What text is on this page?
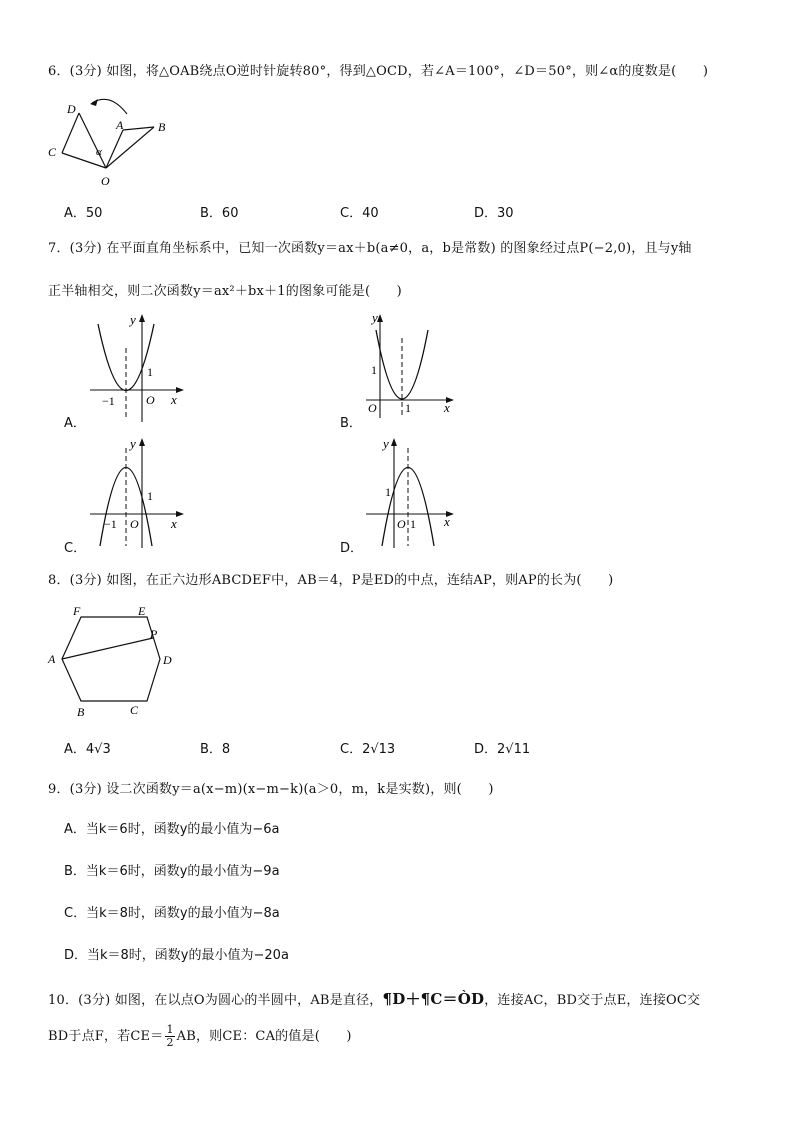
6．(3分) 如图，将△OAB绕点O逆时针旋转80°，得到△OCD，若∠A＝100°，∠D＝50°，则∠α的度数是(　　)
D
A	B
C	α
O
A．50	B．60	C．40	D．30
7．(3分) 在平面直角坐标系中，已知一次函数y＝ax＋b(a≠0，a，b是常数) 的图象经过点P(−2,0)，且与y轴
正半轴相交，则二次函数y＝ax²＋bx＋1的图象可能是(　　)
x
y
O
1
−1
A．
x
y
O
1
1
B．
x
y
O
1
−1
C．
x
y
O
1
1
D．
8．(3分) 如图，在正六边形ABCDEF中，AB＝4，P是ED的中点，连结AP，则AP的长为(　　)
F	E
P
A	D
B	C
A．4√3	B．8	C．2√13	D．2√11
9．(3分) 设二次函数y＝a(x−m)(x−m−k)(a＞0，m，k是实数)，则(　　)
A．当k＝6时，函数y的最小值为−6a
B．当k＝6时，函数y的最小值为−9a
C．当k＝8时，函数y的最小值为−8a
D．当k＝8时，函数y的最小值为−20a
10．(3分) 如图，在以点O为圆心的半圆中，AB是直径，¶D＋¶C＝ÒD，连接AC，BD交于点E，连接OC交
BD于点F，若$CE= \frac{1}{2}$ AB，则CE：CA的值是(　　)
